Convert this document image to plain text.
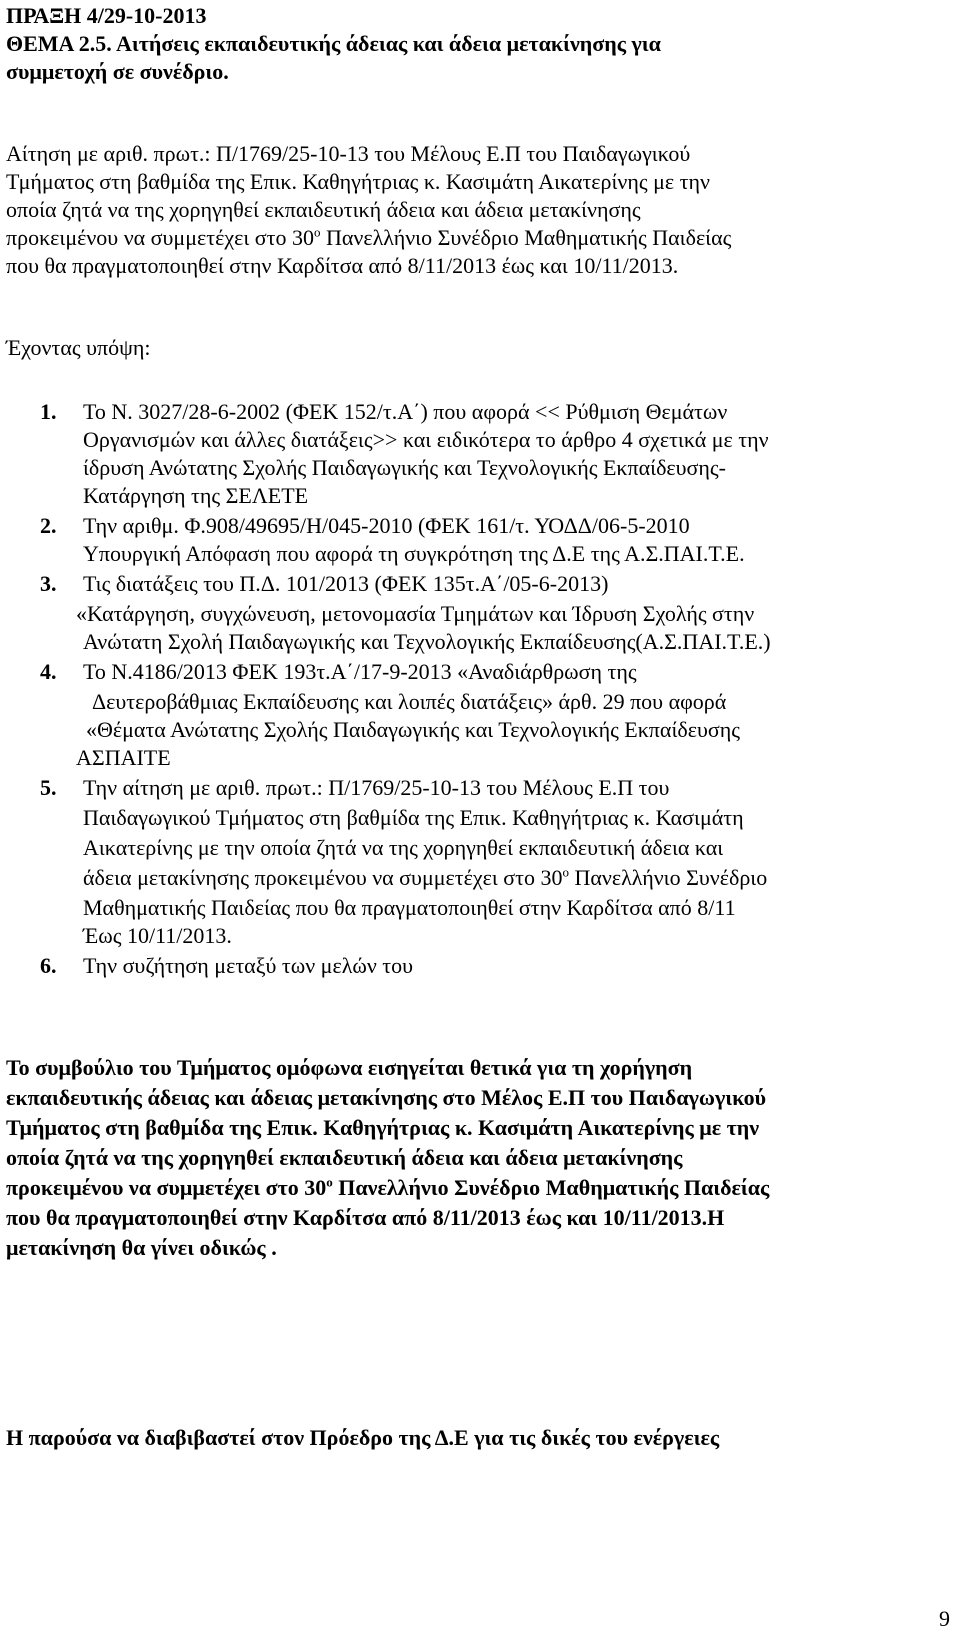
ΠΡΑΞΗ 4/29-10-2013
ΘΕΜΑ 2.5. Αιτήσεις εκπαιδευτικής άδειας και άδεια μετακίνησης για
συμμετοχή σε συνέδριο.
Αίτηση με αριθ. πρωτ.: Π/1769/25-10-13 του Μέλους Ε.Π του Παιδαγωγικού
Τμήματος στη βαθμίδα της Επικ. Καθηγήτριας κ. Κασιμάτη Αικατερίνης με την
οποία ζητά να της χορηγηθεί εκπαιδευτική άδεια και άδεια μετακίνησης
προκειμένου να συμμετέχει στο $30^o$ Πανελλήνιο Συνέδριο Μαθηματικής Παιδείας
που θα πραγματοποιηθεί στην Καρδίτσα από 8/11/2013 έως και 10/11/2013.
Έχοντας υπόψη:
1. Το Ν. 3027/28-6-2002 (ΦΕΚ 152/τ.Α΄) που αφορά << Ρύθμιση Θεμάτων
Οργανισμών και άλλες διατάξεις>> και ειδικότερα το άρθρο 4 σχετικά με την
ίδρυση Ανώτατης Σχολής Παιδαγωγικής και Τεχνολογικής Εκπαίδευσης-
Κατάργηση της ΣΕΛΕΤΕ
2. Την αριθμ. Φ.908/49695/Η/045-2010 (ΦΕΚ 161/τ. ΥΟΔΔ/06-5-2010
Υπουργική Απόφαση που αφορά τη συγκρότηση της Δ.Ε της Α.Σ.ΠΑΙ.Τ.Ε.
3. Τις διατάξεις του Π.Δ. 101/2013 (ΦΕΚ 135τ.Α΄/05-6-2013)
«Κατάργηση, συγχώνευση, μετονομασία Τμημάτων και Ίδρυση Σχολής στην
Ανώτατη Σχολή Παιδαγωγικής και Τεχνολογικής Εκπαίδευσης(Α.Σ.ΠΑΙ.Τ.Ε.)
4. Το Ν.4186/2013 ΦΕΚ 193τ.Α΄/17-9-2013 «Αναδιάρθρωση της
Δευτεροβάθμιας Εκπαίδευσης και λοιπές διατάξεις» άρθ. 29 που αφορά
«Θέματα Ανώτατης Σχολής Παιδαγωγικής και Τεχνολογικής Εκπαίδευσης
ΑΣΠΑΙΤΕ
5. Την αίτηση με αριθ. πρωτ.: Π/1769/25-10-13 του Μέλους Ε.Π του
Παιδαγωγικού Τμήματος στη βαθμίδα της Επικ. Καθηγήτριας κ. Κασιμάτη
Αικατερίνης με την οποία ζητά να της χορηγηθεί εκπαιδευτική άδεια και
άδεια μετακίνησης προκειμένου να συμμετέχει στο $30^o$ Πανελλήνιο Συνέδριο
Μαθηματικής Παιδείας που θα πραγματοποιηθεί στην Καρδίτσα από 8/11
Έως 10/11/2013.
6. Την συζήτηση μεταξύ των μελών του
Το συμβούλιο του Τμήματος ομόφωνα εισηγείται θετικά για τη χορήγηση
εκπαιδευτικής άδειας και άδειας μετακίνησης στο Μέλος Ε.Π του Παιδαγωγικού
Τμήματος στη βαθμίδα της Επικ. Καθηγήτριας κ. Κασιμάτη Αικατερίνης με την
οποία ζητά να της χορηγηθεί εκπαιδευτική άδεια και άδεια μετακίνησης
προκειμένου να συμμετέχει στο $30^o$ Πανελλήνιο Συνέδριο Μαθηματικής Παιδείας
που θα πραγματοποιηθεί στην Καρδίτσα από 8/11/2013 έως και 10/11/2013.Η
μετακίνηση θα γίνει οδικώς .
Η παρούσα να διαβιβαστεί στον Πρόεδρο της Δ.Ε για τις δικές του ενέργειες
9
